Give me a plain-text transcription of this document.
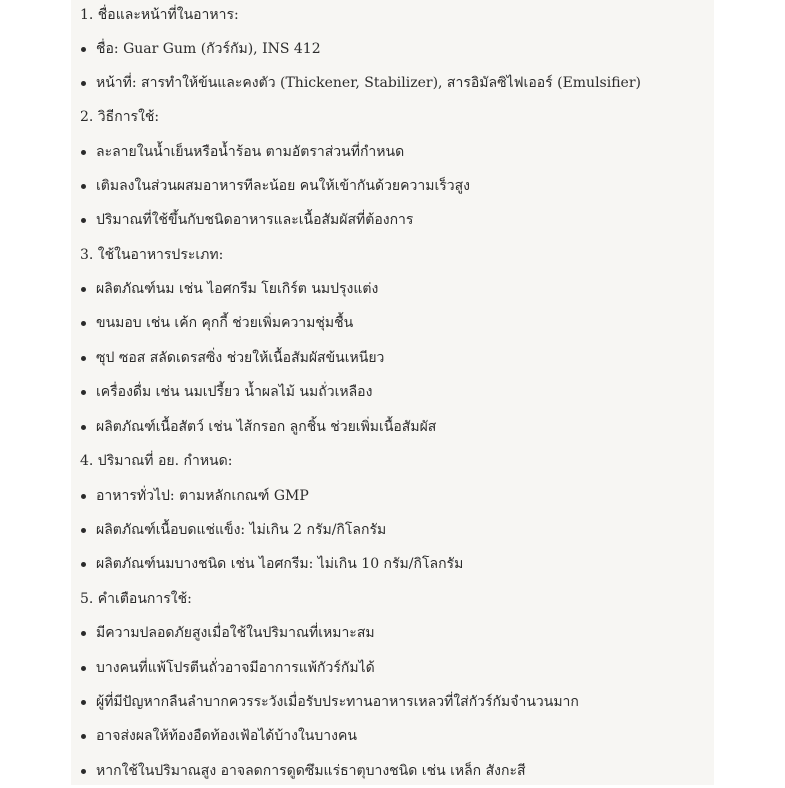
1. ชื่อและหน้าที่ในอาหาร:
ชื่อ: Guar Gum (กัวร์กัม), INS 412
หน้าที่: สารทำให้ข้นและคงตัว (Thickener, Stabilizer), สารอิมัลซิไฟเออร์ (Emulsifier)
2. วิธีการใช้:
ละลายในน้ำเย็นหรือน้ำร้อน ตามอัตราส่วนที่กำหนด
เติมลงในส่วนผสมอาหารทีละน้อย คนให้เข้ากันด้วยความเร็วสูง
ปริมาณที่ใช้ขึ้นกับชนิดอาหารและเนื้อสัมผัสที่ต้องการ
3. ใช้ในอาหารประเภท:
ผลิตภัณฑ์นม เช่น ไอศกรีม โยเกิร์ต นมปรุงแต่ง
ขนมอบ เช่น เค้ก คุกกี้ ช่วยเพิ่มความชุ่มชื้น
ซุป ซอส สลัดเดรสซิ่ง ช่วยให้เนื้อสัมผัสข้นเหนียว
เครื่องดื่ม เช่น นมเปรี้ยว น้ำผลไม้ นมถั่วเหลือง
ผลิตภัณฑ์เนื้อสัตว์ เช่น ไส้กรอก ลูกชิ้น ช่วยเพิ่มเนื้อสัมผัส
4. ปริมาณที่ อย. กำหนด:
อาหารทั่วไป: ตามหลักเกณฑ์ GMP
ผลิตภัณฑ์เนื้อบดแช่แข็ง: ไม่เกิน 2 กรัม/กิโลกรัม
ผลิตภัณฑ์นมบางชนิด เช่น ไอศกรีม: ไม่เกิน 10 กรัม/กิโลกรัม
5. คำเตือนการใช้:
มีความปลอดภัยสูงเมื่อใช้ในปริมาณที่เหมาะสม
บางคนที่แพ้โปรตีนถั่วอาจมีอาการแพ้กัวร์กัมได้
ผู้ที่มีปัญหากลืนลำบากควรระวังเมื่อรับประทานอาหารเหลวที่ใส่กัวร์กัมจำนวนมาก
อาจส่งผลให้ท้องอืดท้องเฟ้อได้บ้างในบางคน
หากใช้ในปริมาณสูง อาจลดการดูดซึมแร่ธาตุบางชนิด เช่น เหล็ก สังกะสี
